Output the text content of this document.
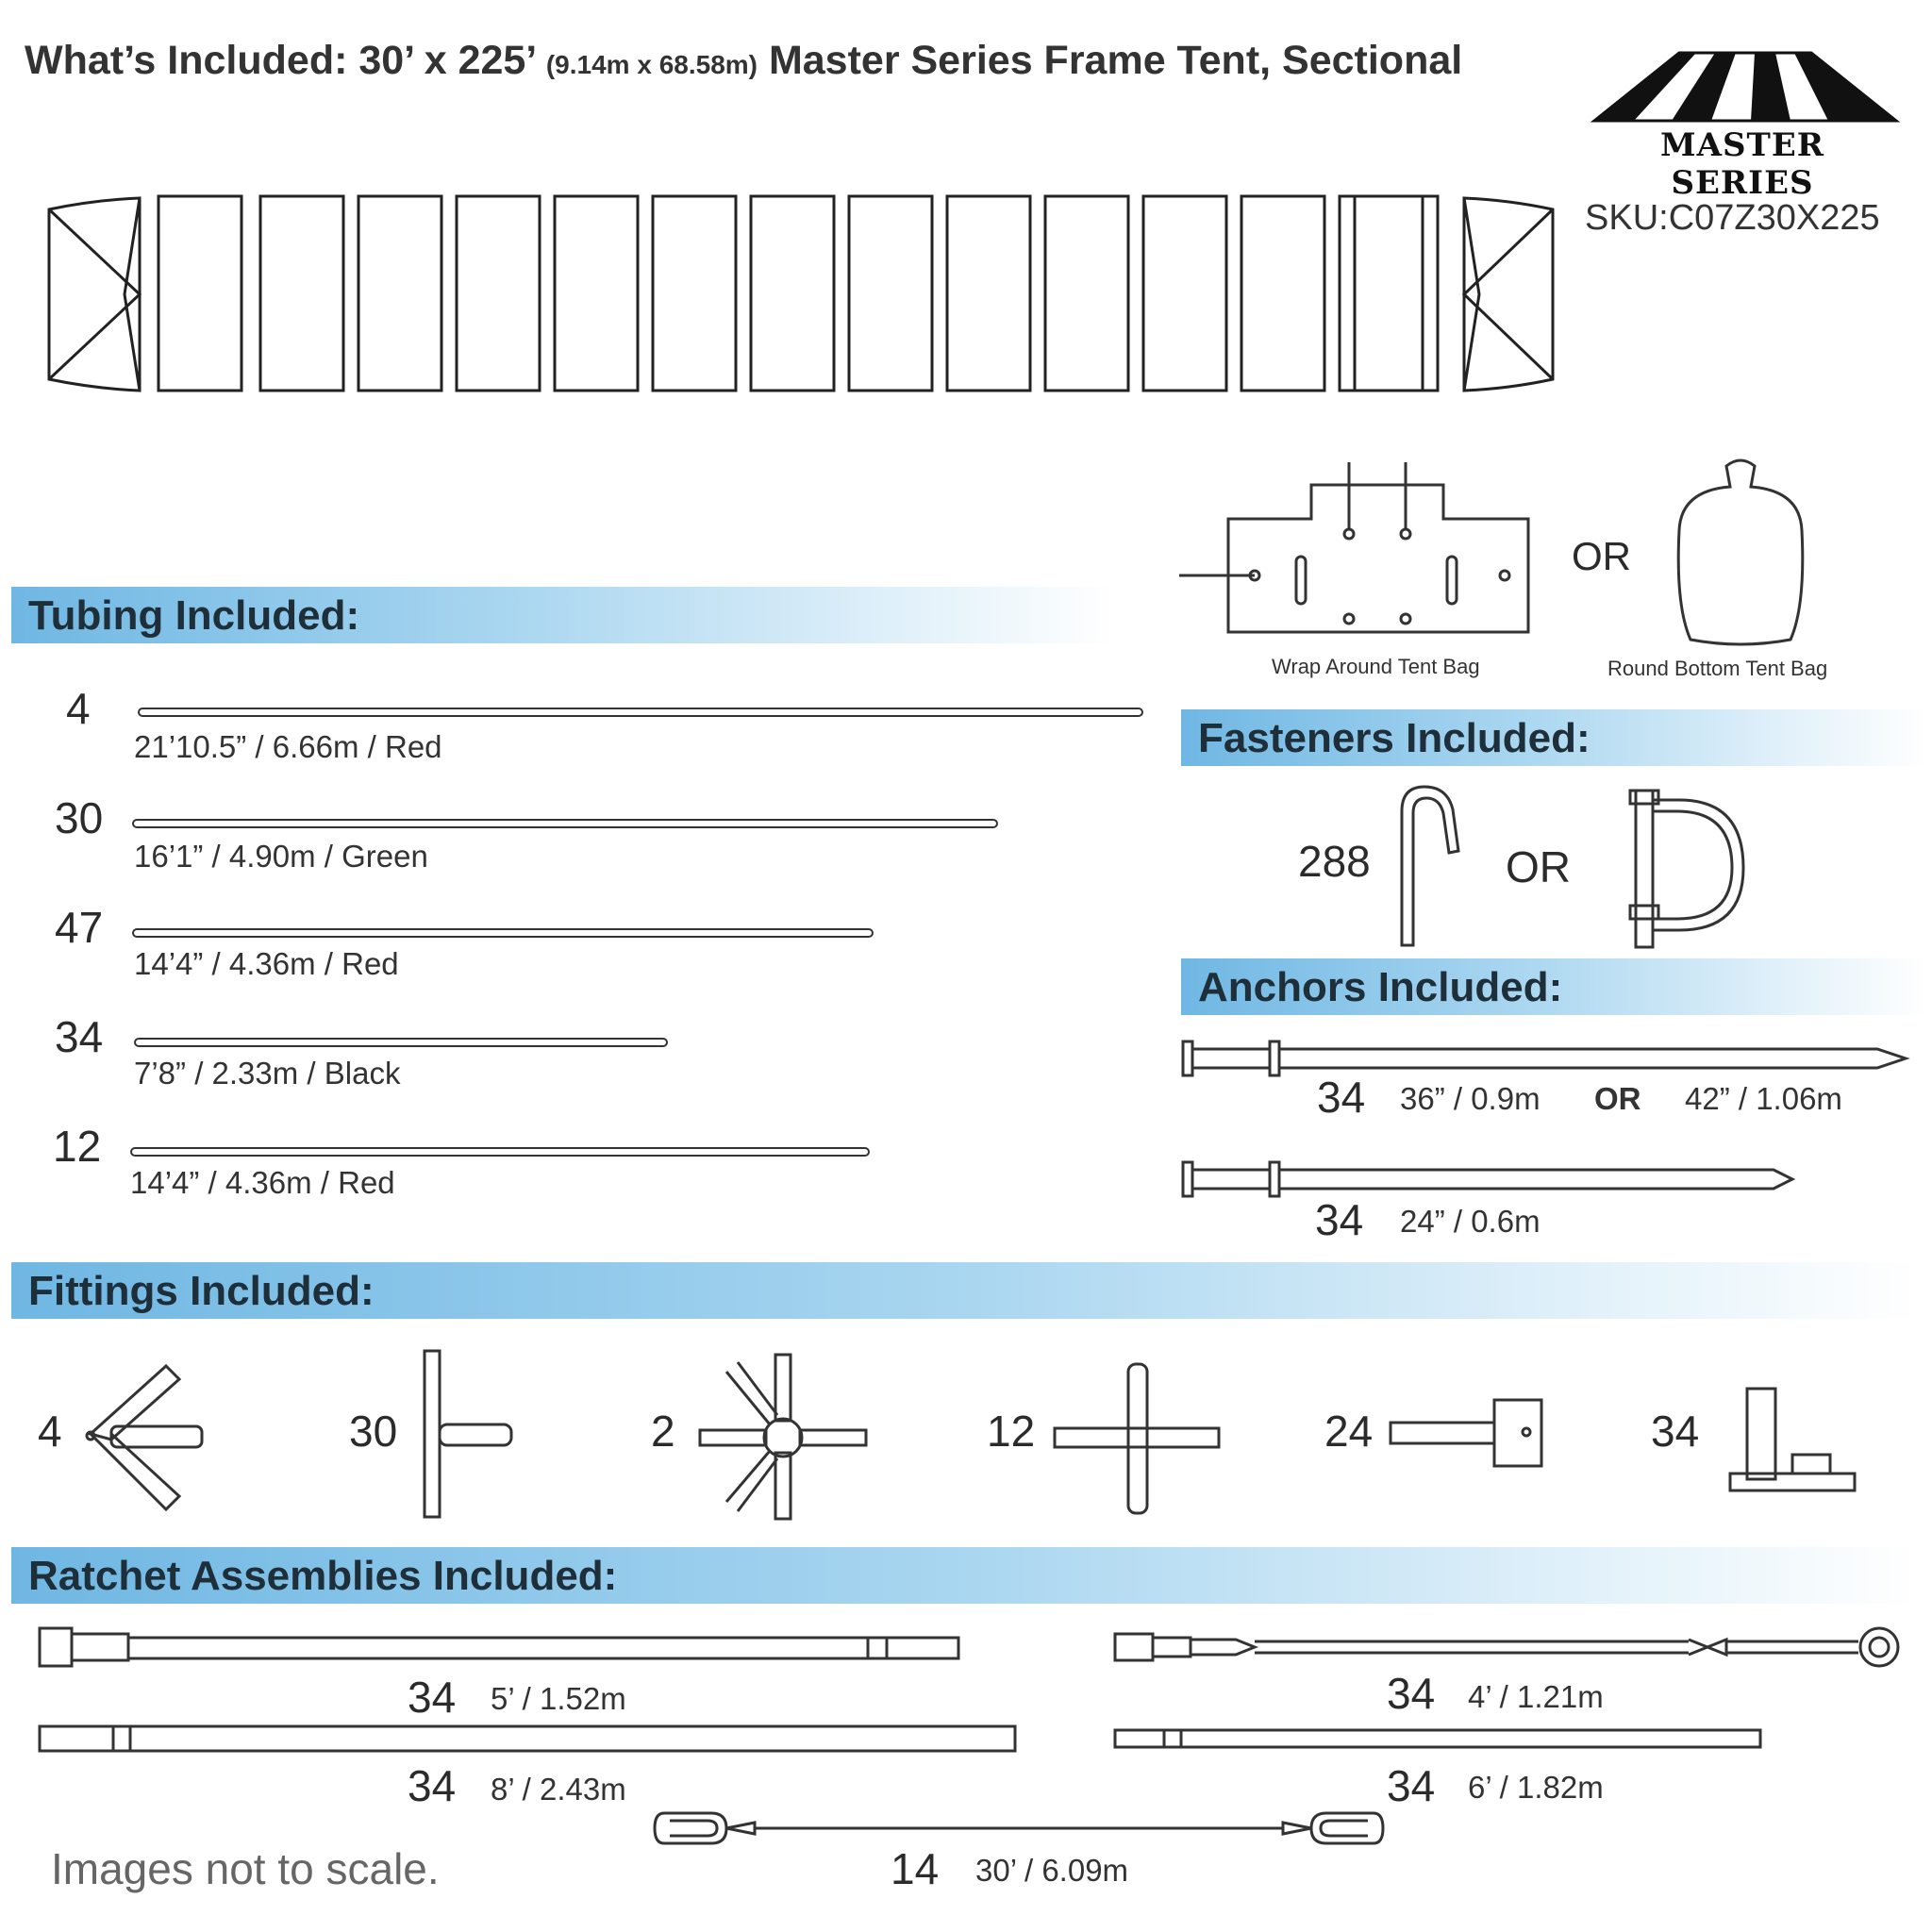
What’s Included: 30’ x 225’ (9.14m x 68.58m) Master Series Frame Tent, Sectional
MASTER SERIES
SKU:C07Z30X225
Wrap Around Tent Bag
OR
Round Bottom Tent Bag
Tubing Included:
4
21’10.5” / 6.66m / Red
30
16’1” / 4.90m / Green
47
14’4” / 4.36m / Red
34
7’8” / 2.33m / Black
12
14’4” / 4.36m / Red
Fasteners Included:
288	OR
Anchors Included:
34 36” / 0.9m OR 42” / 1.06m
34 24” / 0.6m
Fittings Included:
4	30	2	12	24	34
Ratchet Assemblies Included:
34 5’ / 1.52m	34 4’ / 1.21m
34 8’ / 2.43m	34 6’ / 1.82m
14 30’ / 6.09m
Images not to scale.
